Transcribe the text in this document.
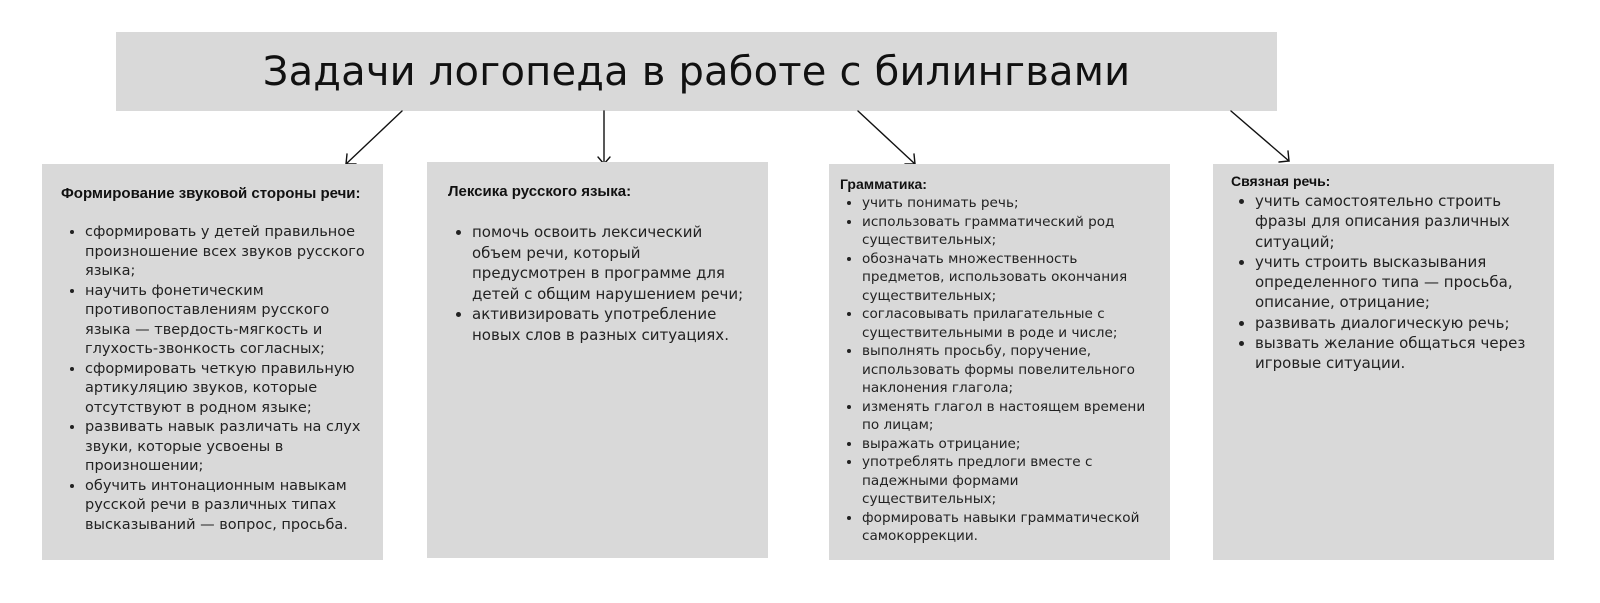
Задачи логопеда в работе с билингвами

Формирование звуковой стороны речи:

• сформировать у детей правильное произношение всех звуков русского языка;
• научить фонетическим противопоставлениям русского языка — твердость-мягкость и глухость-звонкость согласных;
• сформировать четкую правильную артикуляцию звуков, которые отсутствуют в родном языке;
• развивать навык различать на слух звуки, которые усвоены в произношении;
• обучить интонационным навыкам русской речи в различных типах высказываний — вопрос, просьба.

Лексика русского языка:

• помочь освоить лексический объем речи, который предусмотрен в программе для детей с общим нарушением речи;
• активизировать употребление новых слов в разных ситуациях.

Грамматика:

• учить понимать речь;
• использовать грамматический род существительных;
• обозначать множественность предметов, использовать окончания существительных;
• согласовывать прилагательные с существительными в роде и числе;
• выполнять просьбу, поручение, использовать формы повелительного наклонения глагола;
• изменять глагол в настоящем времени по лицам;
• выражать отрицание;
• употреблять предлоги вместе с падежными формами существительных;
• формировать навыки грамматической самокоррекции.

Связная речь:

• учить самостоятельно строить фразы для описания различных ситуаций;
• учить строить высказывания определенного типа — просьба, описание, отрицание;
• развивать диалогическую речь;
• вызвать желание общаться через игровые ситуации.
